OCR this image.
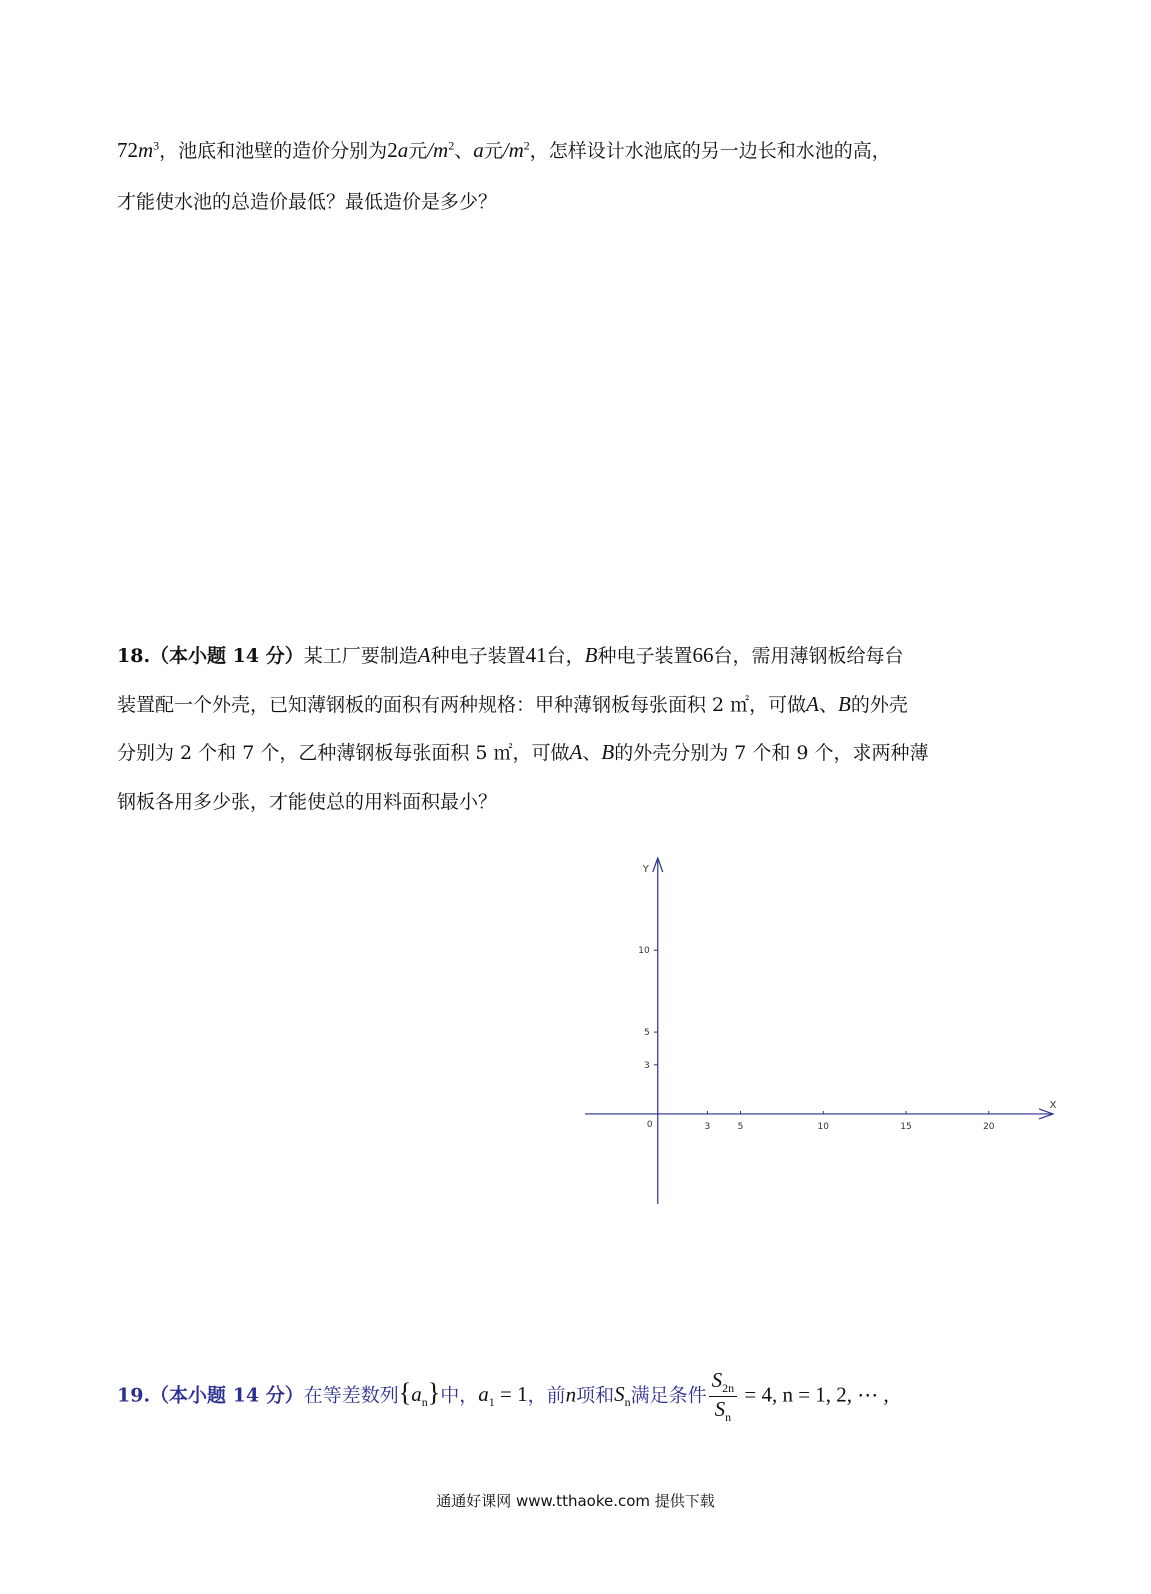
$72m^3$，池底和池壁的造价分别为2a元$/m^2$、a元$/m^2$，怎样设计水池底的另一边长和水池的高，
才能使水池的总造价最低？最低造价是多少？
18.（本小题 14 分）某工厂要制造A种电子装置41台，B种电子装置66台，需用薄钢板给每台
装置配一个外壳，已知薄钢板的面积有两种规格：甲种薄钢板每张面积 2 ㎡，可做A、B的外壳
分别为 2 个和 7 个，乙种薄钢板每张面积 5 ㎡，可做A、B的外壳分别为 7 个和 9 个，求两种薄
钢板各用多少张，才能使总的用料面积最小？
X
Y
0	3	5	10	15	20
3
5
10
19.（本小题 14 分）在等差数列$\{a_n\}$中，$a_1 = 1$，前n项和$S_n$满足条件 $\frac{S_{2n}}{S_n} = 4$, n = 1, 2, ⋯ ,
通通好课网 www.tthaoke.com 提供下载
